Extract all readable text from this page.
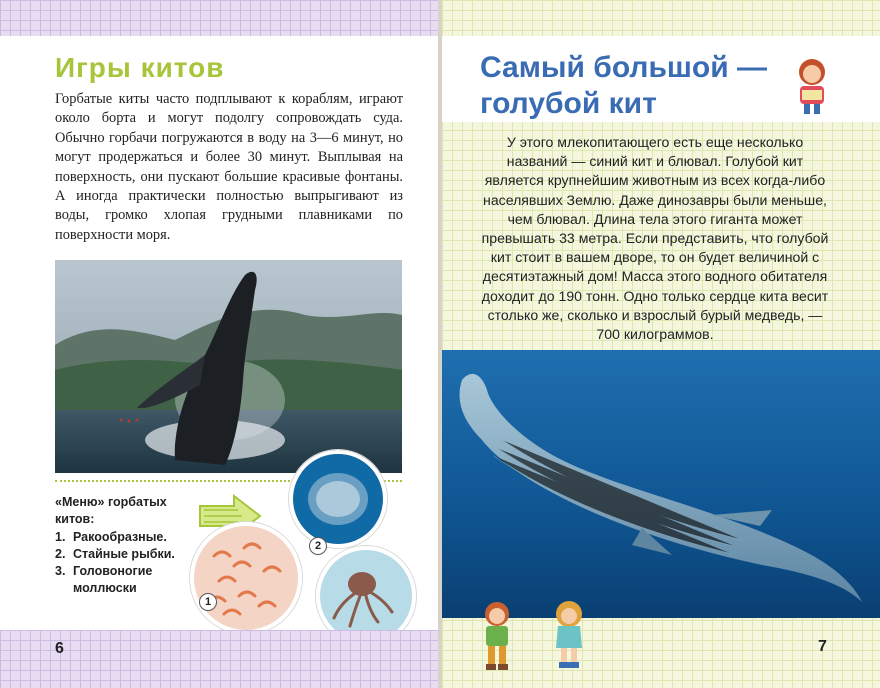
Игры китов

Горбатые киты часто подплывают к кораблям, играют около борта и могут подолгу сопровождать суда. Обычно горбачи погружаются в воду на 3—6 минут, но могут продержаться и более 30 минут. Выплывая на поверхность, они пускают большие красивые фонтаны. А иногда практически полностью выпрыгивают из воды, громко хлопая грудными плавниками по поверхности моря.

«Меню» горбатых китов:
1. Ракообразные.
2. Стайные рыбки.
3. Головоногие моллюски
2
1
6
Самый большой —
голубой кит

У этого млекопитающего есть еще несколько названий — синий кит и блювал. Голубой кит является крупнейшим животным из всех когда-либо населявших Землю. Даже динозавры были меньше, чем блювал. Длина тела этого гиганта может превышать 33 метра. Если представить, что голубой кит стоит в вашем дворе, то он будет величиной с десятиэтажный дом! Масса этого водного обитателя доходит до 190 тонн. Одно только сердце кита весит столько же, сколько и взрослый бурый медведь, — 700 килограммов.

7
